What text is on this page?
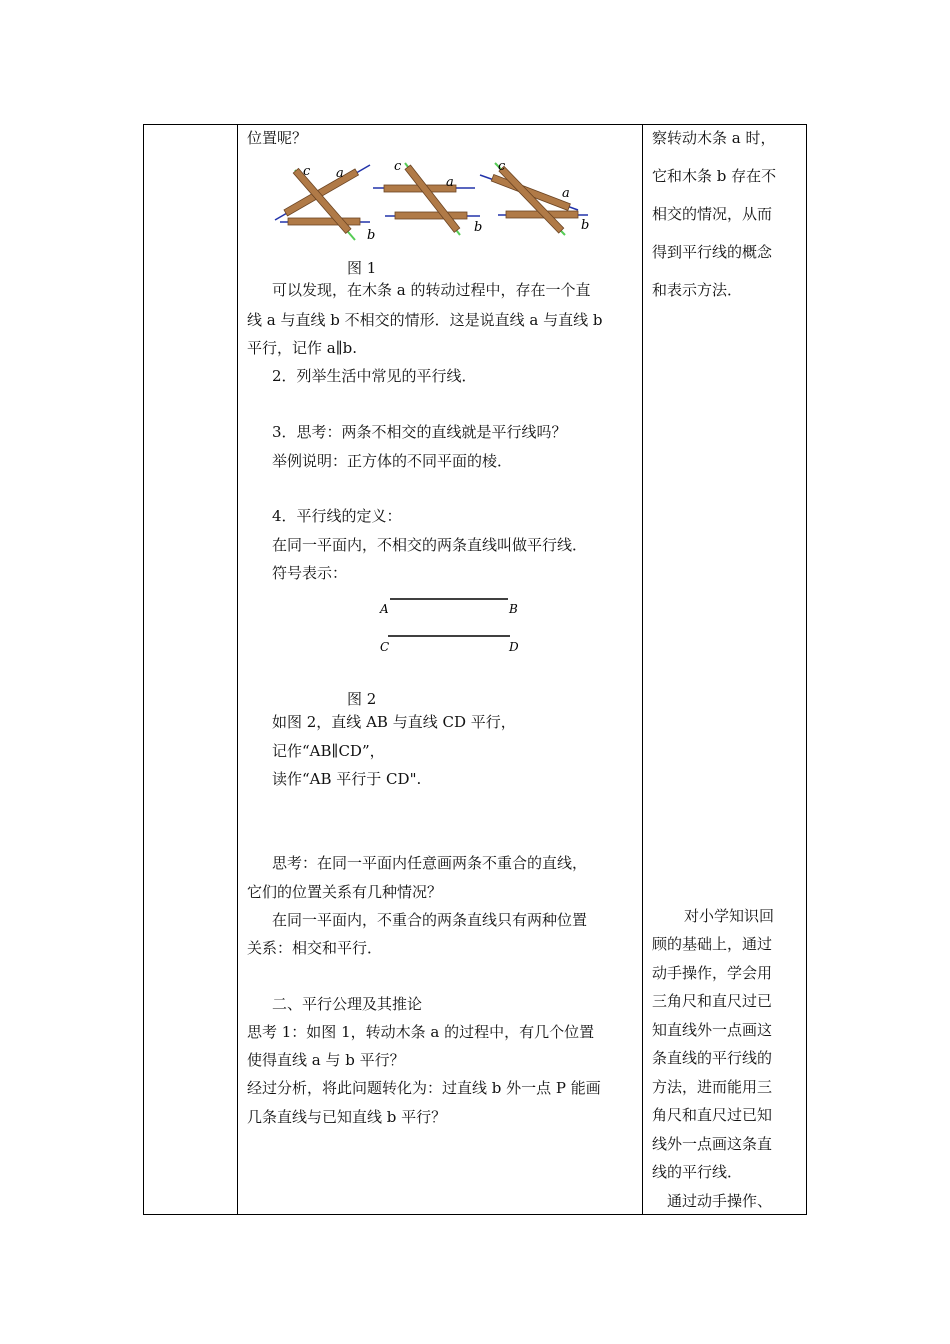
位置呢？
c a
b
c
a
b
c
a
b
图 1
可以发现，在木条 a 的转动过程中，存在一个直
线 a 与直线 b 不相交的情形．这是说直线 a 与直线 b
平行，记作 a∥b.
2．列举生活中常见的平行线．
3．思考：两条不相交的直线就是平行线吗？
举例说明：正方体的不同平面的棱．
4．平行线的定义：
在同一平面内，不相交的两条直线叫做平行线．
符号表示：
A	B
C	D
图 2
如图 2，直线 AB 与直线 CD 平行，
记作“AB∥CD”，
读作“AB 平行于 CD".
思考：在同一平面内任意画两条不重合的直线，
它们的位置关系有几种情况？
在同一平面内，不重合的两条直线只有两种位置
关系：相交和平行．
二、平行公理及其推论
思考 1：如图 1，转动木条 a 的过程中，有几个位置
使得直线 a 与 b 平行？
经过分析，将此问题转化为：过直线 b 外一点 P 能画
几条直线与已知直线 b 平行？
察转动木条 a 时，
它和木条 b 存在不
相交的情况，从而
得到平行线的概念
和表示方法．
对小学知识回
顾的基础上，通过
动手操作，学会用
三角尺和直尺过已
知直线外一点画这
条直线的平行线的
方法，进而能用三
角尺和直尺过已知
线外一点画这条直
线的平行线．
通过动手操作、
